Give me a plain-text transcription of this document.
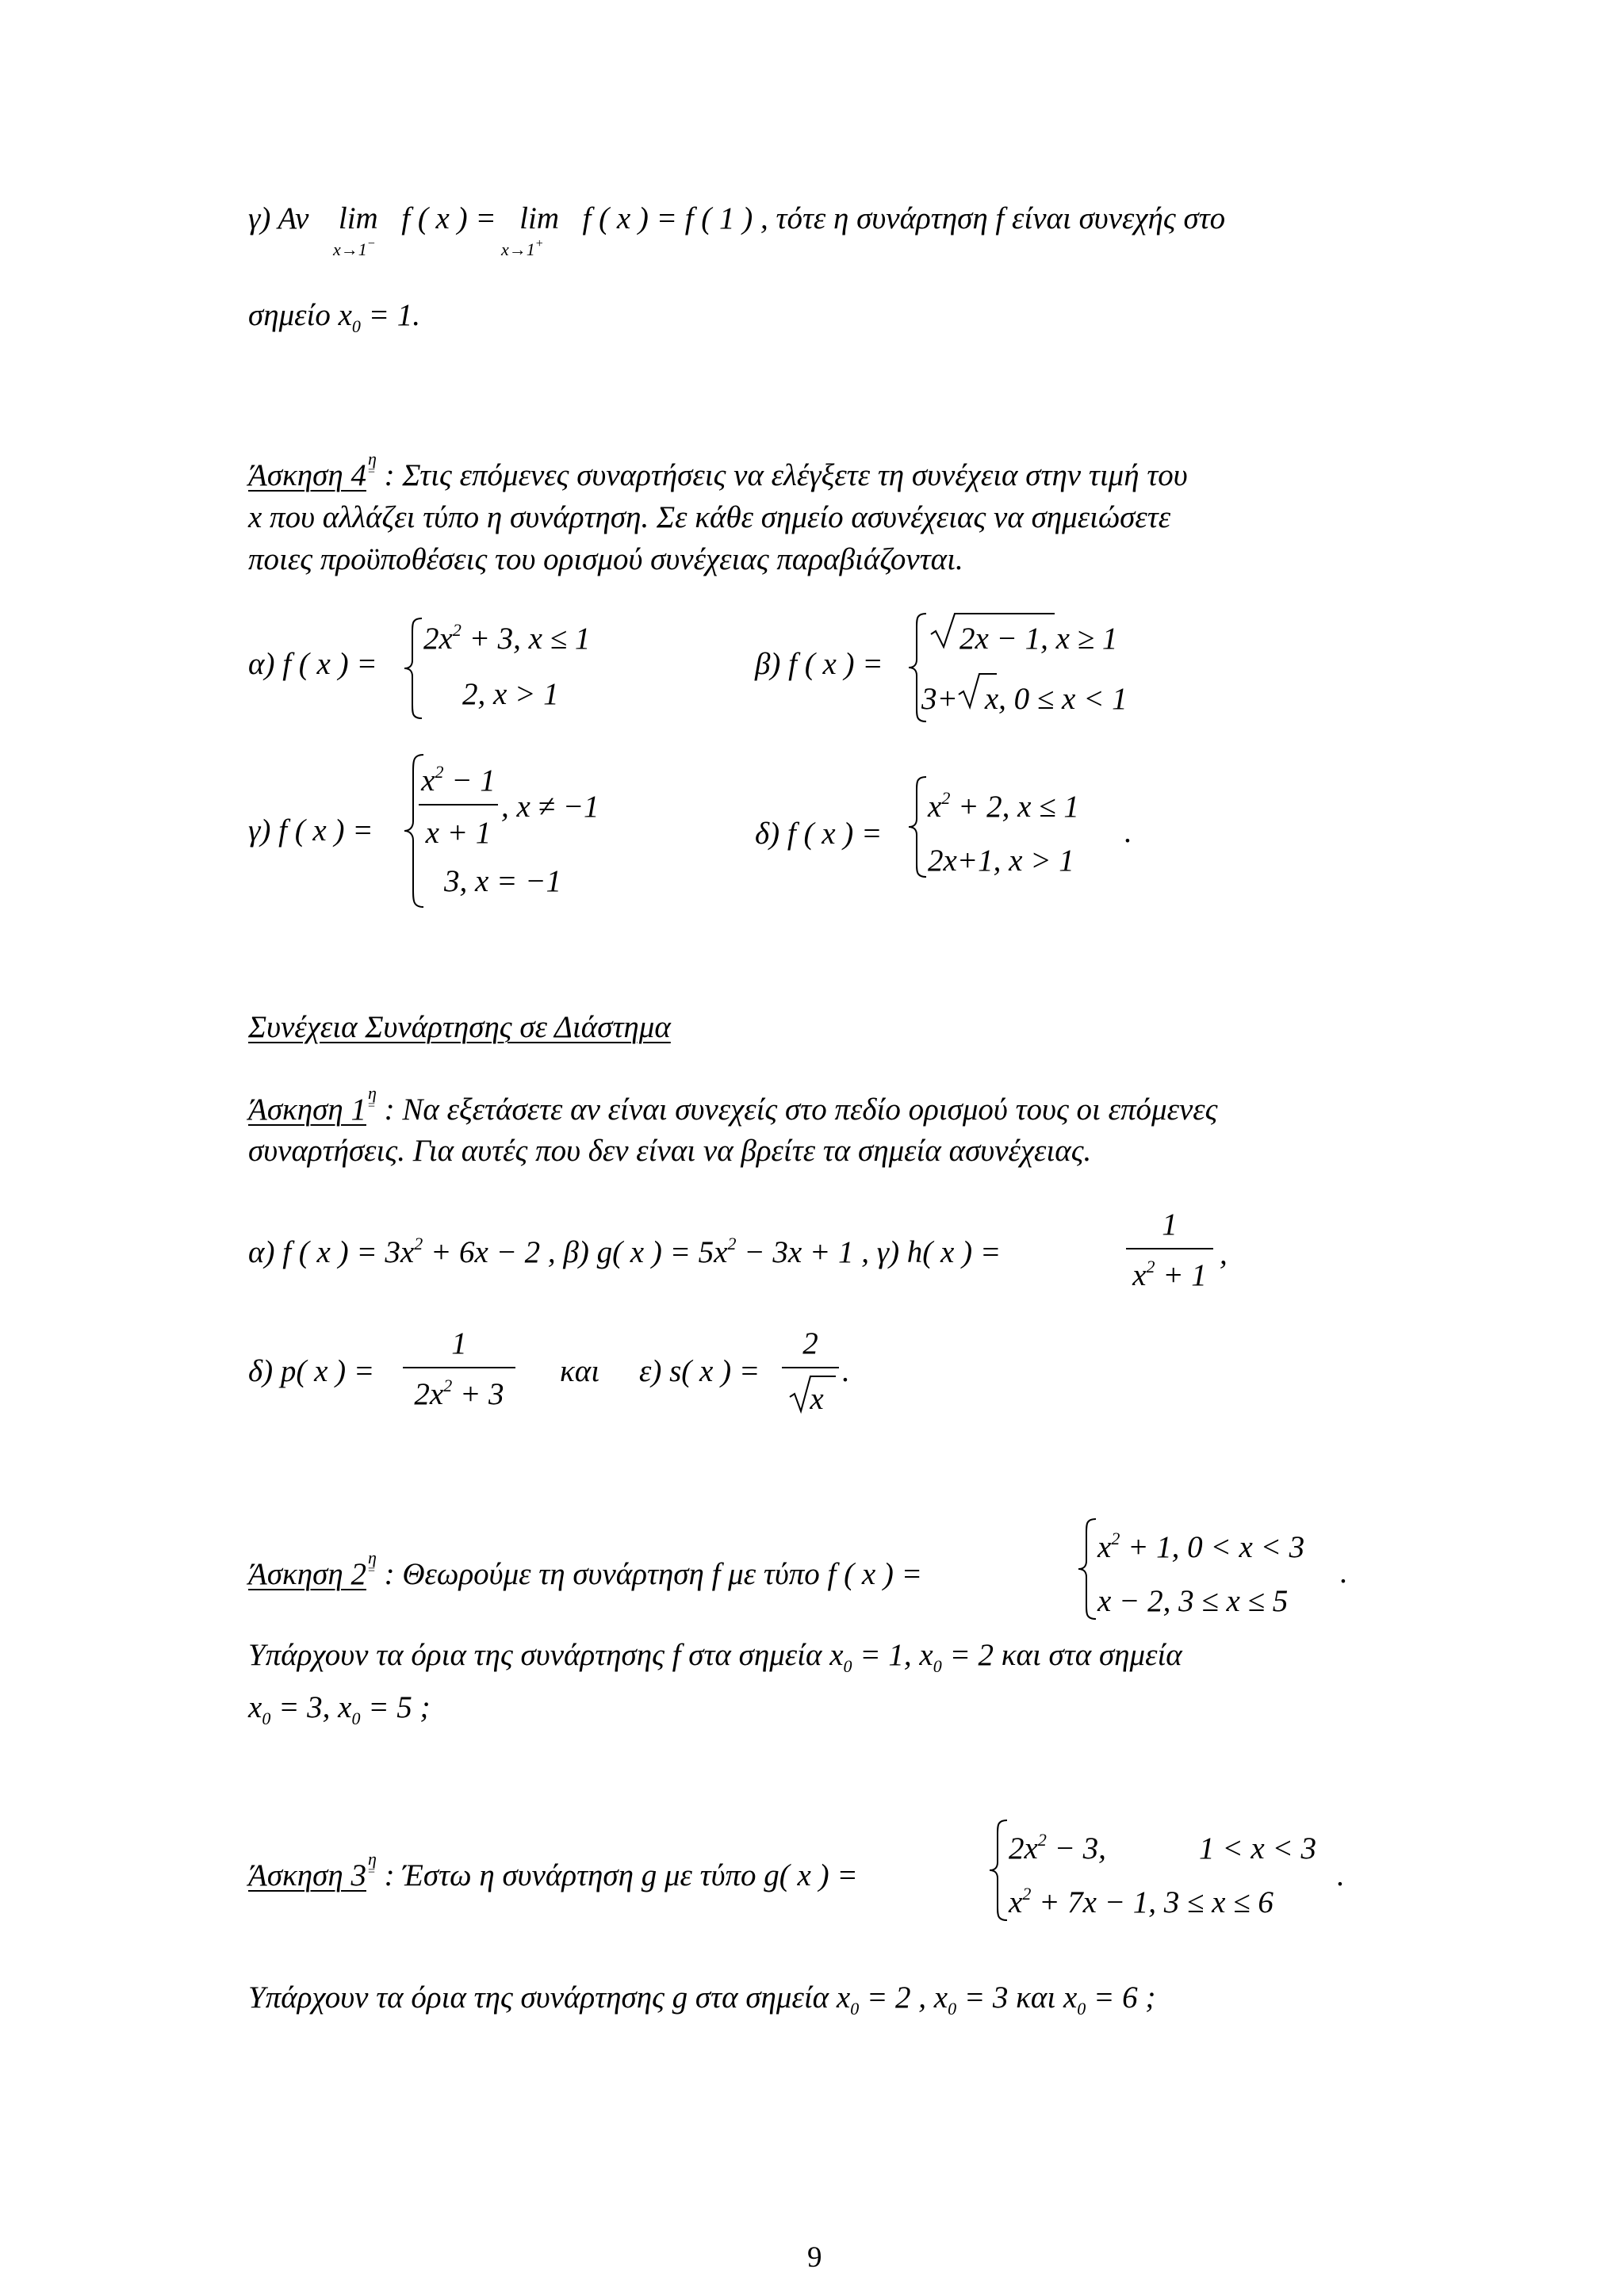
γ) Αν lim f ( x ) = lim f ( x ) = f ( 1 ) , τότε η συνάρτηση f είναι συνεχής στο
x→1−	x→1+
σημείο $x_0 = 1$.
Άσκηση 4 η
= : Στις επόμενες συναρτήσεις να ελέγξετε τη συνέχεια στην τιμή του
x που αλλάζει τύπο η συνάρτηση. Σε κάθε σημείο ασυνέχειας να σημειώσετε
ποιες προϋποθέσεις του ορισμού συνέχειας παραβιάζονται.
α) f ( x ) =
$2x^2 + 3$, x ≤ 1
2, x > 1
β) f ( x ) =
2x − 1, x ≥ 1
3+ x, 0 ≤ x < 1
γ) f ( x ) =
$x^2 - 1$
x + 1
, x ≠ −1
3, x = −1
δ) f ( x ) =
$x^2 + 2$, x ≤ 1
2x+1, x > 1
.
Συνέχεια Συνάρτησης σε Διάστημα
Άσκηση 1 η
= : Να εξετάσετε αν είναι συνεχείς στο πεδίο ορισμού τους οι επόμενες
συναρτήσεις. Για αυτές που δεν είναι να βρείτε τα σημεία ασυνέχειας.
α) f ( x ) = $3x^2 + 6x - 2$ , β) g( x ) = $5x^2 - 3x + 1$ , γ) h( x ) =
1
$x^2 + 1$
,
δ) p( x ) =
1
$2x^2 + 3$
και ε) s( x ) =
2
x
.
Άσκηση 2 η
= : Θεωρούμε τη συνάρτηση f με τύπο f ( x ) =
$x^2 + 1$, 0 < x < 3
x − 2, 3 ≤ x ≤ 5
.
Υπάρχουν τα όρια της συνάρτησης f στα σημεία $x_0 = 1$, $x_0 = 2$ και στα σημεία
$x_0 = 3$, $x_0 = 5$ ;
Άσκηση 3 η
= : Έστω η συνάρτηση g με τύπο g( x ) =
$2x^2 - 3$,	1 < x < 3
$x^2 + 7x - 1$, 3 ≤ x ≤ 6
.
Υπάρχουν τα όρια της συνάρτησης g στα σημεία $x_0 = 2$ , $x_0 = 3$ και $x_0 = 6$ ;
9
